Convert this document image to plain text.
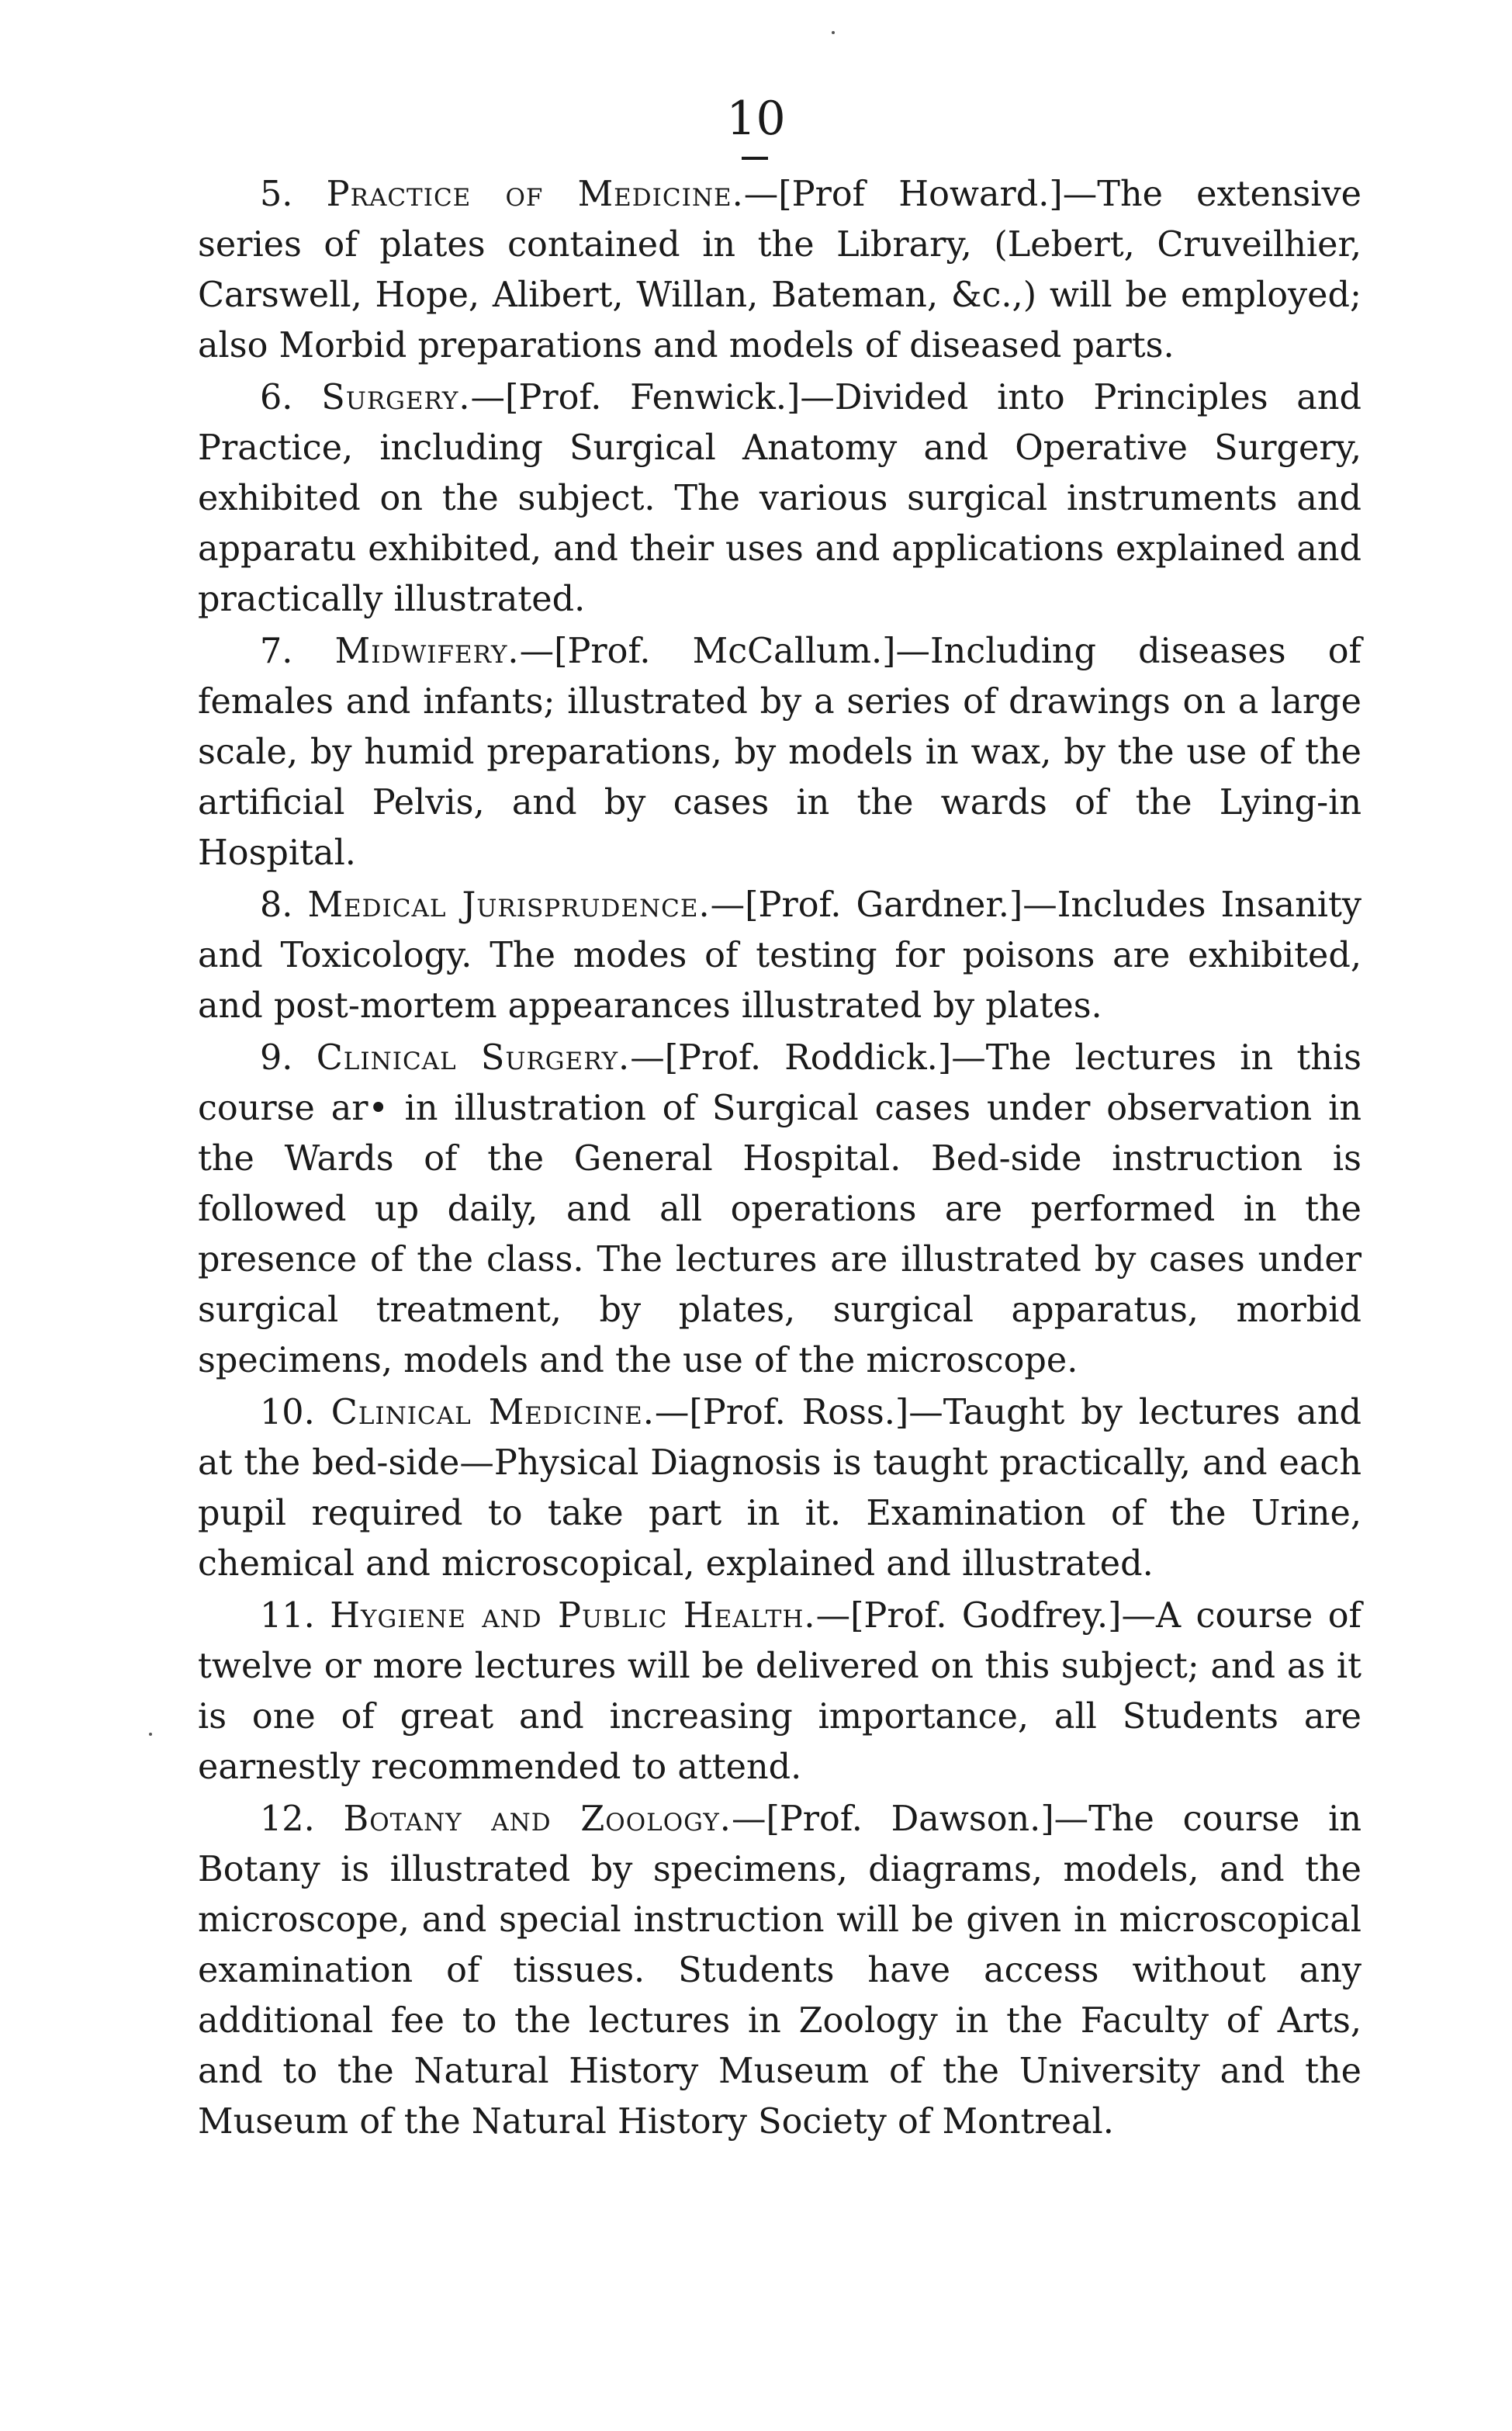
10

5. Practice of Medicine.—[Prof Howard.]—The extensive series of plates contained in the Library, (Lebert, Cruveilhier, Carswell, Hope, Alibert, Willan, Bateman, &c.,) will be employed; also Morbid preparations and models of diseased parts.

6. Surgery.—[Prof. Fenwick.]—Divided into Principles and Practice, including Surgical Anatomy and Operative Surgery, exhibited on the subject. The various surgical instruments and apparatu exhibited, and their uses and applications explained and practically illustrated.

7. Midwifery.—[Prof. McCallum.]—Including diseases of females and infants; illustrated by a series of drawings on a large scale, by humid preparations, by models in wax, by the use of the artificial Pelvis, and by cases in the wards of the Lying-in Hospital.

8. Medical Jurisprudence.—[Prof. Gardner.]—Includes Insanity and Toxicology. The modes of testing for poisons are exhibited, and post-mortem appearances illustrated by plates.

9. Clinical Surgery.—[Prof. Roddick.]—The lectures in this course ar• in illustration of Surgical cases under observation in the Wards of the General Hospital. Bed-side instruction is followed up daily, and all operations are performed in the presence of the class. The lectures are illustrated by cases under surgical treatment, by plates, surgical apparatus, morbid specimens, models and the use of the microscope.

10. Clinical Medicine.—[Prof. Ross.]—Taught by lectures and at the bed-side—Physical Diagnosis is taught practically, and each pupil required to take part in it. Examination of the Urine, chemical and microscopical, explained and illustrated.

11. Hygiene and Public Health.—[Prof. Godfrey.]—A course of twelve or more lectures will be delivered on this subject; and as it is one of great and increasing importance, all Students are earnestly recommended to attend.

12. Botany and Zoology.—[Prof. Dawson.]—The course in Botany is illustrated by specimens, diagrams, models, and the microscope, and special instruction will be given in microscopical examination of tissues. Students have access without any additional fee to the lectures in Zoology in the Faculty of Arts, and to the Natural History Museum of the University and the Museum of the Natural History Society of Montreal.
